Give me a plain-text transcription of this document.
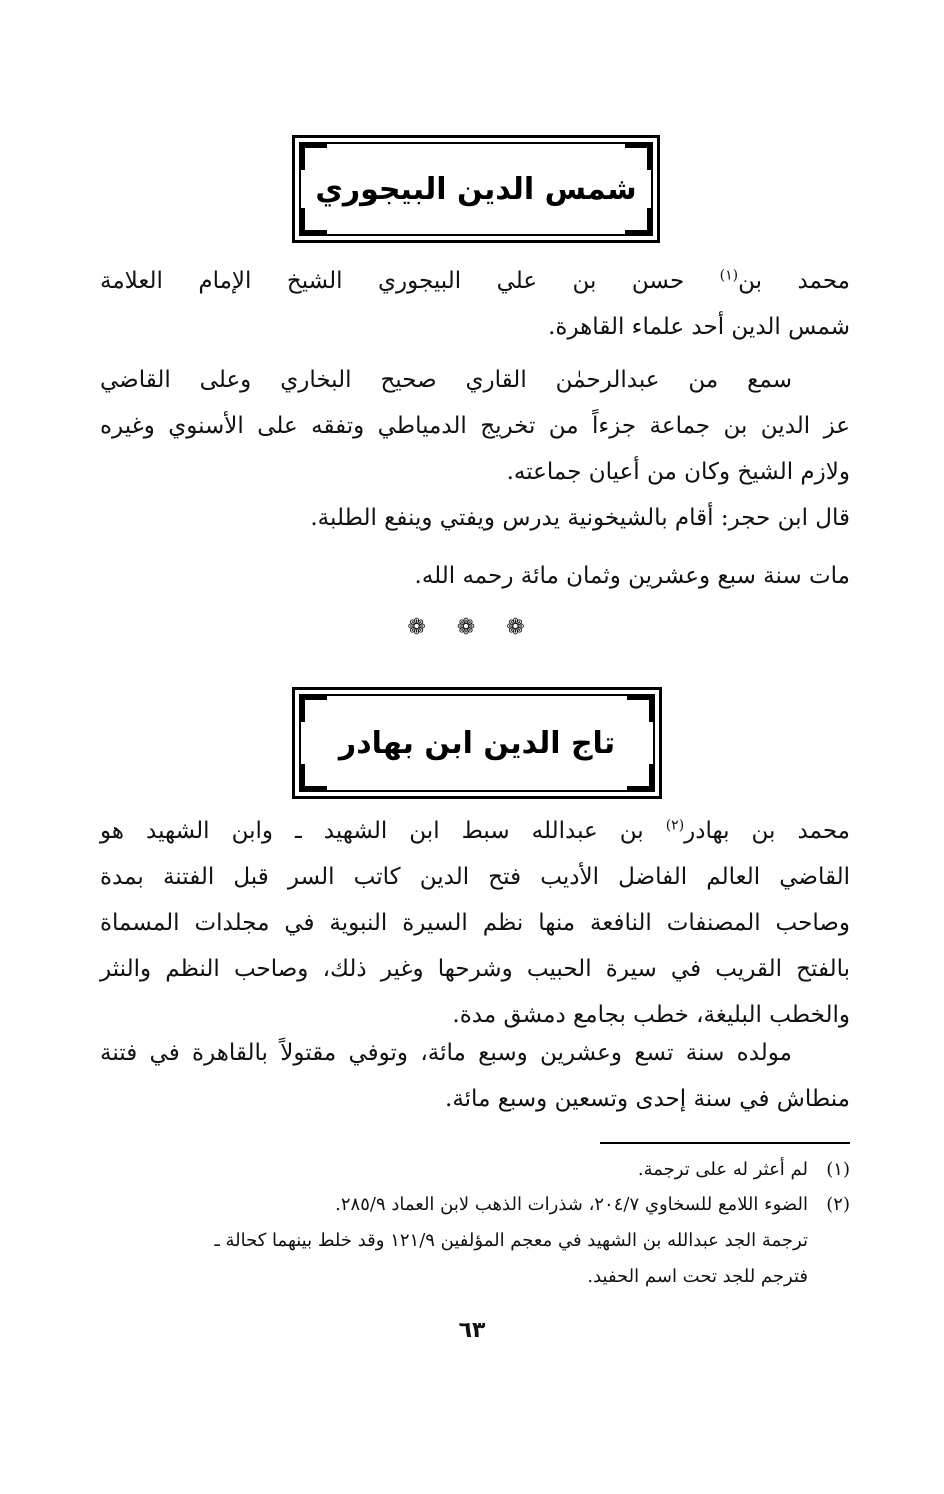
شمس الدين البيجوري
محمد بن$^{(١)}$ حسن بن علي البيجوري الشيخ الإمام العلامة
شمس الدين أحد علماء القاهرة.
سمع من عبدالرحمٰن القاري صحيح البخاري وعلى القاضي
عز الدين بن جماعة جزءاً من تخريج الدمياطي وتفقه على الأسنوي وغيره
ولازم الشيخ وكان من أعيان جماعته.
قال ابن حجر: أقام بالشيخونية يدرس ويفتي وينفع الطلبة.
مات سنة سبع وعشرين وثمان مائة رحمه الله.
❁ ❁ ❁
تاج الدين ابن بهادر
محمد بن بهادر$^{(٢)}$ بن عبدالله سبط ابن الشهيد ـ وابن الشهيد هو
القاضي العالم الفاضل الأديب فتح الدين كاتب السر قبل الفتنة بمدة
وصاحب المصنفات النافعة منها نظم السيرة النبوية في مجلدات المسماة
بالفتح القريب في سيرة الحبيب وشرحها وغير ذلك، وصاحب النظم والنثر
والخطب البليغة، خطب بجامع دمشق مدة.
مولده سنة تسع وعشرين وسبع مائة، وتوفي مقتولاً بالقاهرة في فتنة
منطاش في سنة إحدى وتسعين وسبع مائة.
(١)لم أعثر له على ترجمة.
(٢)الضوء اللامع للسخاوي ٢٠٤/٧، شذرات الذهب لابن العماد ٢٨٥/٩.
ترجمة الجد عبدالله بن الشهيد في معجم المؤلفين ١٢١/٩ وقد خلط بينهما كحالة ـ
فترجم للجد تحت اسم الحفيد.
٦٣
